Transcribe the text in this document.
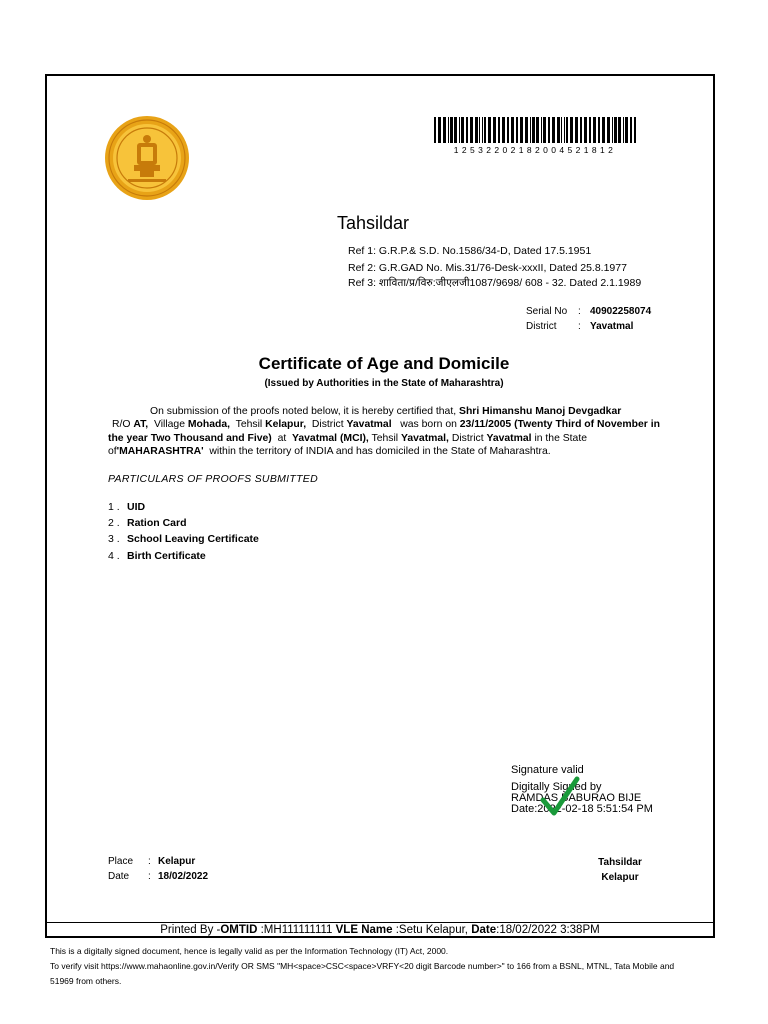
12532202182004521812
Tahsildar
Ref 1: G.R.P.& S.D. No.1586/34-D, Dated 17.5.1951
Ref 2: G.R.GAD No. Mis.31/76-Desk-xxxII, Dated 25.8.1977
Ref 3: शाविता/प्र/विरु:जीएलजी1087/9698/ 608 - 32. Dated 2.1.1989
Serial No : 40902258074
District : Yavatmal
Certificate of Age and Domicile
(Issued by Authorities in the State of Maharashtra)
On submission of the proofs noted below, it is hereby certified that, Shri Himanshu Manoj Devgadkar
R/O AT, Village Mohada, Tehsil Kelapur, District Yavatmal was born on 23/11/2005 (Twenty Third of November in the year Two Thousand and Five) at Yavatmal (MCI), Tehsil Yavatmal, District Yavatmal in the State of'MAHARASHTRA' within the territory of INDIA and has domiciled in the State of Maharashtra.
PARTICULARS OF PROOFS SUBMITTED
1 . UID
2 . Ration Card
3 . School Leaving Certificate
4 . Birth Certificate
Signature valid
Digitally Signed by
RAMDAS BABURAO BIJE
Date:2022-02-18 5:51:54 PM
Place : Kelapur
Date : 18/02/2022
Tahsildar
Kelapur
Printed By -OMTID :MH111111111 VLE Name :Setu Kelapur, Date:18/02/2022 3:38PM
This is a digitally signed document, hence is legally valid as per the Information Technology (IT) Act, 2000.
To verify visit https://www.mahaonline.gov.in/Verify OR SMS "MH<space>CSC<space>VRFY<20 digit Barcode number>" to 166 from a BSNL, MTNL, Tata Mobile and
51969 from others.
